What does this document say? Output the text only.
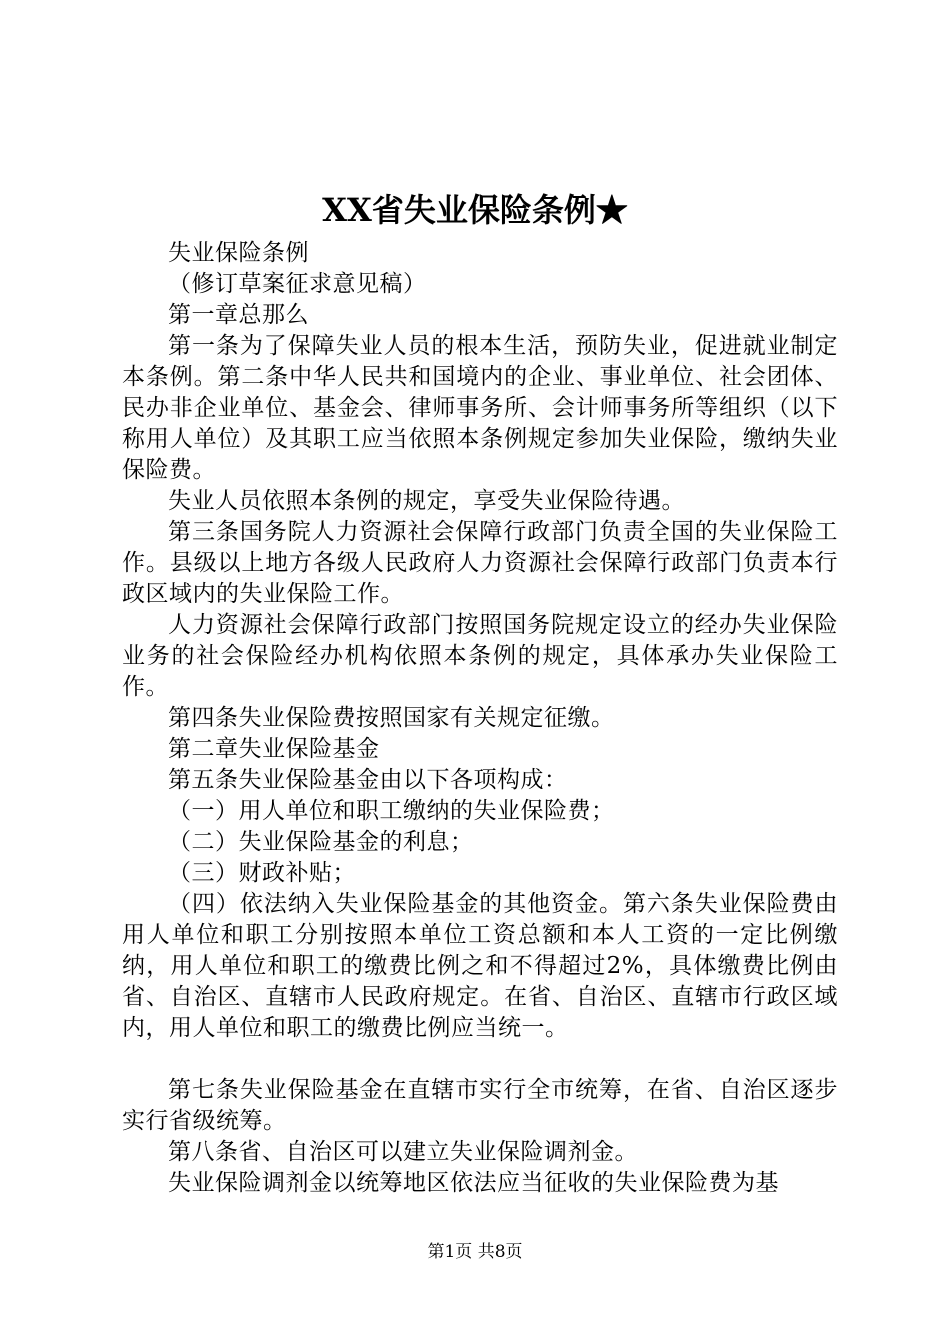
XX省失业保险条例★

失业保险条例

（修订草案征求意见稿）

第一章总那么

第一条为了保障失业人员的根本生活，预防失业，促进就业制定本条例。第二条中华人民共和国境内的企业、事业单位、社会团体、民办非企业单位、基金会、律师事务所、会计师事务所等组织（以下称用人单位）及其职工应当依照本条例规定参加失业保险，缴纳失业保险费。

失业人员依照本条例的规定，享受失业保险待遇。

第三条国务院人力资源社会保障行政部门负责全国的失业保险工作。县级以上地方各级人民政府人力资源社会保障行政部门负责本行政区域内的失业保险工作。

人力资源社会保障行政部门按照国务院规定设立的经办失业保险业务的社会保险经办机构依照本条例的规定，具体承办失业保险工作。

第四条失业保险费按照国家有关规定征缴。

第二章失业保险基金

第五条失业保险基金由以下各项构成：

（一）用人单位和职工缴纳的失业保险费；

（二）失业保险基金的利息；

（三）财政补贴；

（四）依法纳入失业保险基金的其他资金。第六条失业保险费由用人单位和职工分别按照本单位工资总额和本人工资的一定比例缴纳，用人单位和职工的缴费比例之和不得超过2%，具体缴费比例由省、自治区、直辖市人民政府规定。在省、自治区、直辖市行政区域内，用人单位和职工的缴费比例应当统一。

第七条失业保险基金在直辖市实行全市统筹，在省、自治区逐步实行省级统筹。

第八条省、自治区可以建立失业保险调剂金。

失业保险调剂金以统筹地区依法应当征收的失业保险费为基

第1页 共8页
